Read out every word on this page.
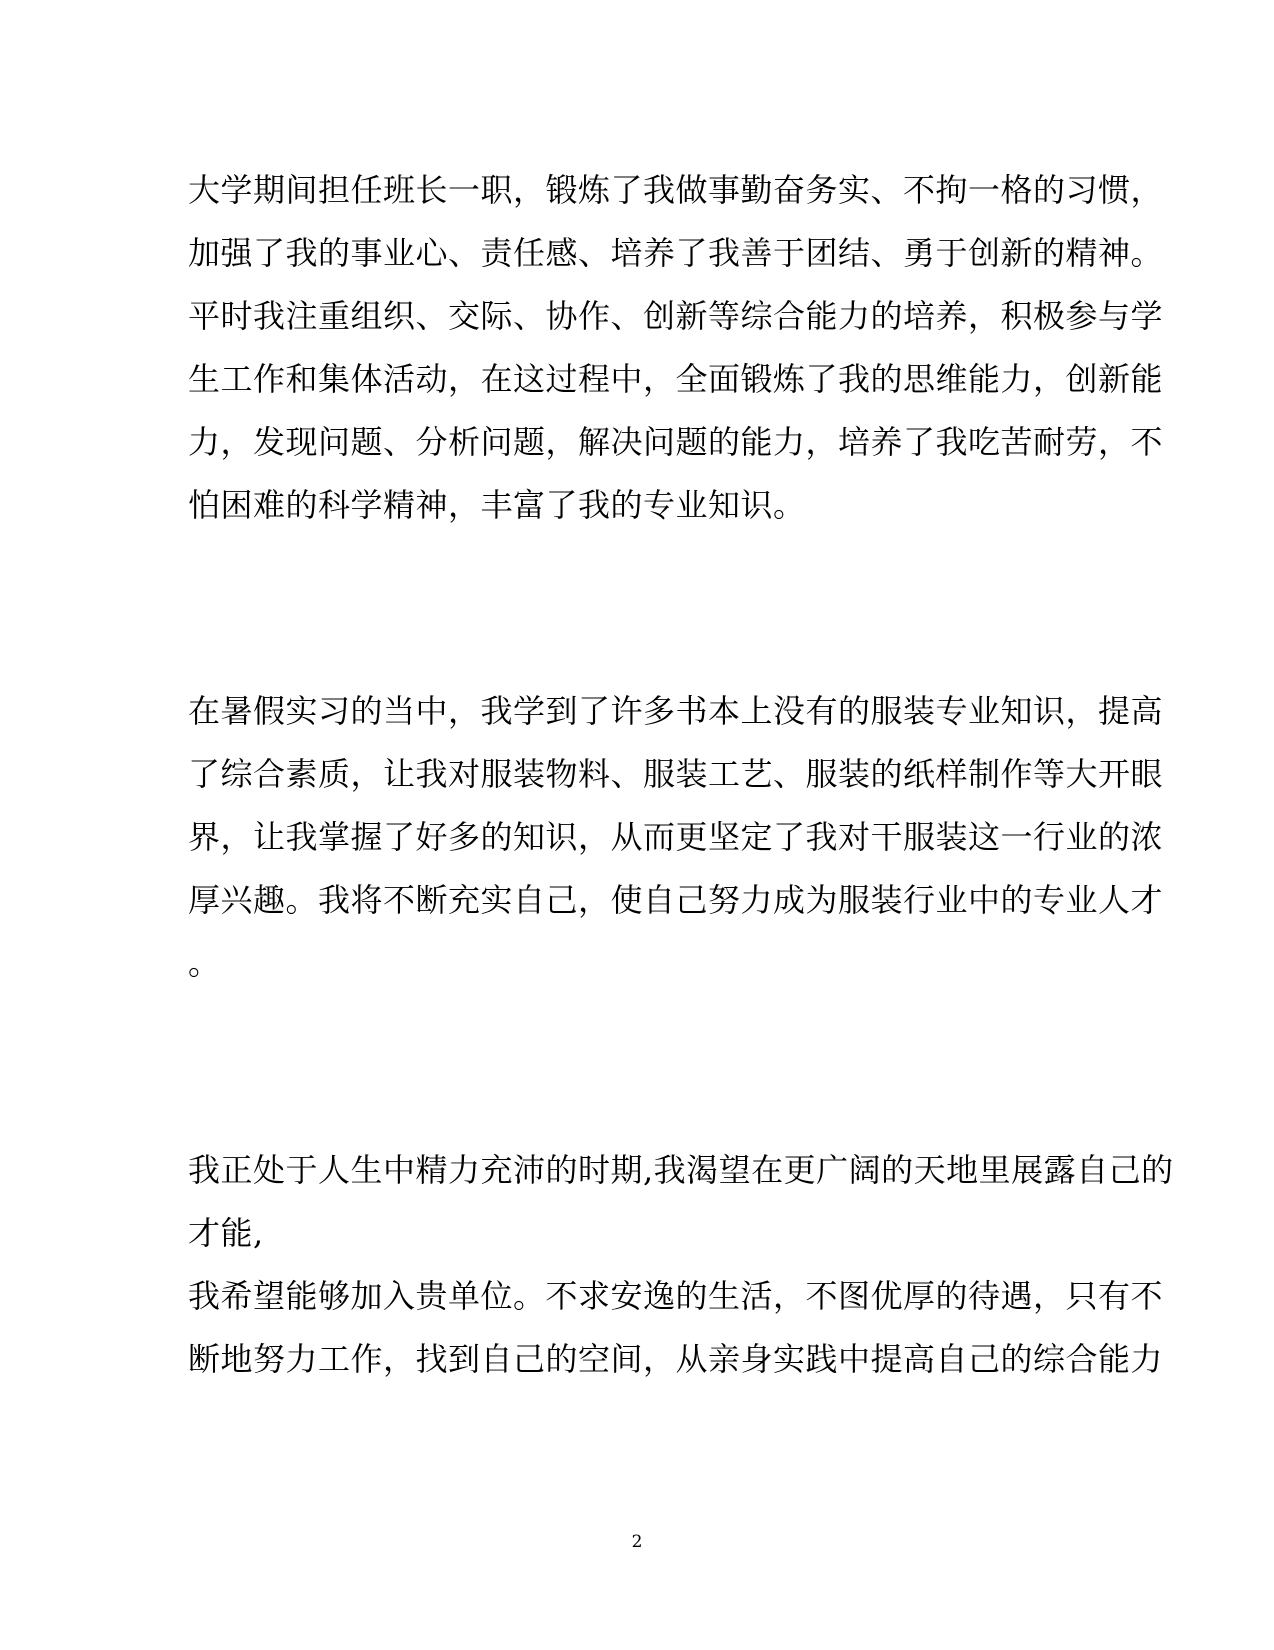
大学期间担任班长一职，锻炼了我做事勤奋务实、不拘一格的习惯，
加强了我的事业心、责任感、培养了我善于团结、勇于创新的精神。
平时我注重组织、交际、协作、创新等综合能力的培养，积极参与学
生工作和集体活动，在这过程中，全面锻炼了我的思维能力，创新能
力，发现问题、分析问题，解决问题的能力，培养了我吃苦耐劳，不
怕困难的科学精神，丰富了我的专业知识。
在暑假实习的当中，我学到了许多书本上没有的服装专业知识，提高
了综合素质，让我对服装物料、服装工艺、服装的纸样制作等大开眼
界，让我掌握了好多的知识，从而更坚定了我对干服装这一行业的浓
厚兴趣。我将不断充实自己，使自己努力成为服装行业中的专业人才
。
我正处于人生中精力充沛的时期,我渴望在更广阔的天地里展露自己的
才能,
我希望能够加入贵单位。不求安逸的生活，不图优厚的待遇，只有不
断地努力工作，找到自己的空间，从亲身实践中提高自己的综合能力
2
